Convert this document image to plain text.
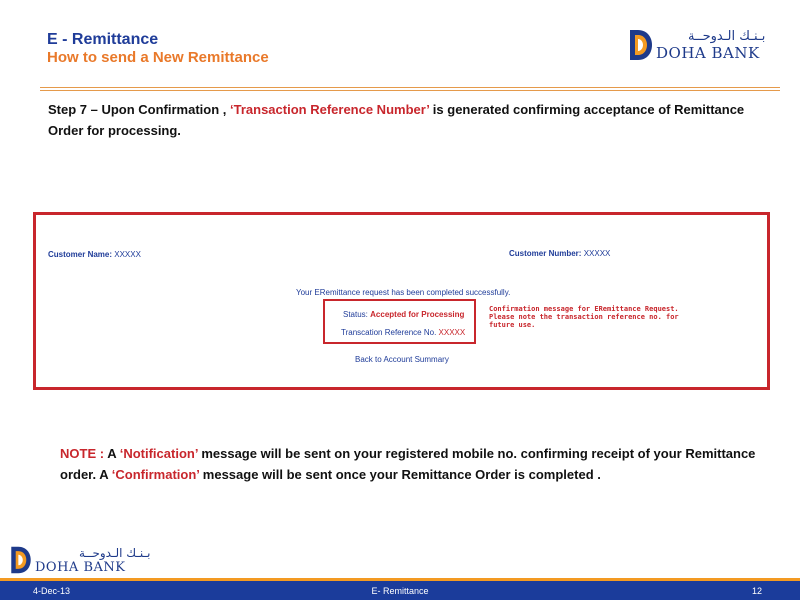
E - Remittance
How to send a New Remittance
بـنـك الـدوحــة
DOHA BANK
Step 7 – Upon Confirmation , ‘Transaction Reference Number’ is generated confirming acceptance of Remittance Order for processing.
Customer Name: XXXXX	Customer Number: XXXXX
Your ERemittance request has been completed successfully.
Status: Accepted for Processing
Transcation Reference No. XXXXX
Confirmation message for ERemittance Request. Please note the transaction reference no. for future use.
Back to Account Summary
NOTE : A ‘Notification’ message will be sent on your registered mobile no. confirming receipt of your Remittance order. A ‘Confirmation’ message will be sent once your Remittance Order is completed .
بـنـك الـدوحــة
DOHA BANK
4-Dec-13	E- Remittance	12
